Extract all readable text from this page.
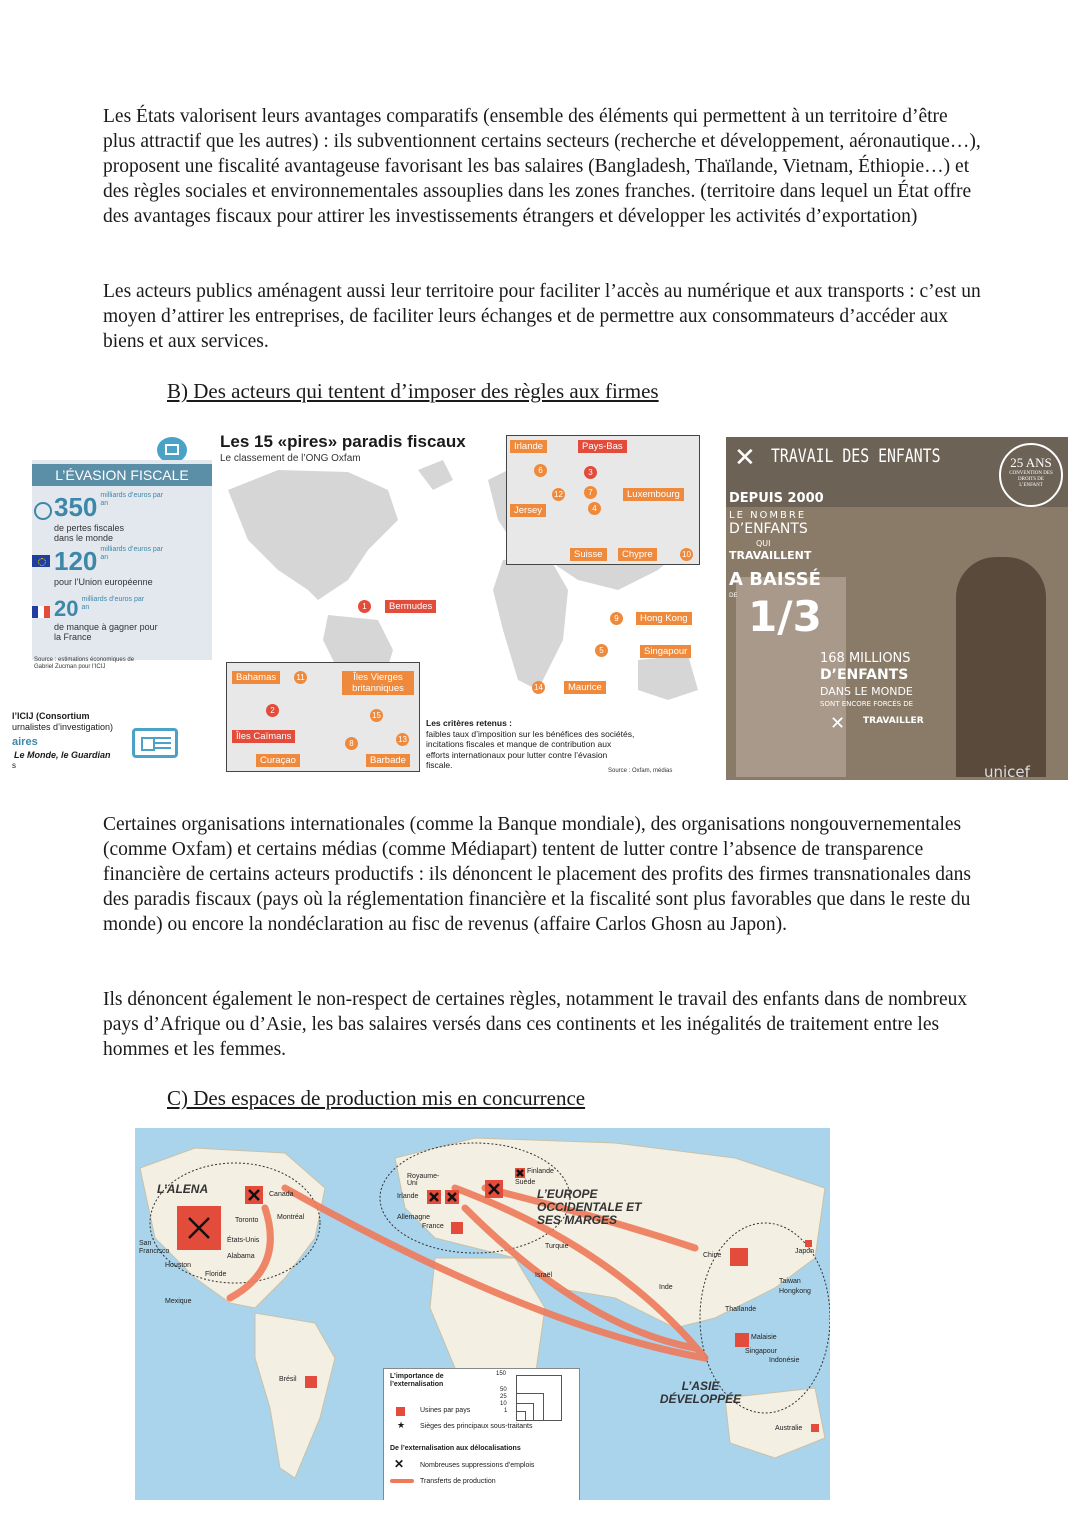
Les États valorisent leurs avantages comparatifs (ensemble des éléments qui permettent à un territoire d’être plus attractif que les autres) : ils subventionnent certains secteurs (recherche et développement, aéronautique…), proposent une fiscalité avantageuse favorisant les bas salaires (Bangladesh, Thaïlande, Vietnam, Éthiopie…) et des règles sociales et environnementales assouplies dans les zones franches. (territoire dans lequel un État offre des avantages fiscaux pour attirer les investissements étrangers et développer les activités d’exportation)

Les acteurs publics aménagent aussi leur territoire pour faciliter l’accès au numérique et aux transports : c’est un moyen d’attirer les entreprises, de faciliter leurs échanges et de permettre aux consommateurs d’accéder aux biens et aux services.

B) Des acteurs qui tentent d’imposer des règles aux firmes
L’ÉVASION FISCALE
350 milliards d’euros par an
de pertes fiscales dans le monde
120 milliards d’euros par an
pour l’Union européenne
20 milliards d’euros par an
de manque à gagner pour la France
Source : estimations économiques de Gabriel Zucman pour l’ICIJ
l’ICIJ (Consortium
urnalistes d’investigation)
aires
Le Monde, le Guardian
s
Les 15 «pires» paradis fiscaux
Le classement de l’ONG Oxfam
Irlande	Pays-Bas
Luxembourg
Jersey
Suisse	Chypre
Bermudes
Hong Kong
Singapour
Bahamas	Îles Vierges britanniques
Îles Caïmans
Maurice
Curaçao	Barbade
1
2
3
4
5
6
7
8
9
10
11
12
13
14
15
Les critères retenus :
faibles taux d’imposition sur les bénéfices des sociétés, incitations fiscales et manque de contribution aux efforts internationaux pour lutter contre l’évasion fiscale.
Source : Oxfam, médias
✕ TRAVAIL DES ENFANTS	25 ANS
CONVENTION DES DROITS DE L’ENFANT
DEPUIS 2000
LE NOMBRE
D’ENFANTS
QUI
TRAVAILLENT
A BAISSÉ
DE 1/3
168 MILLIONS
D’ENFANTS
DANS LE MONDE
SONT ENCORE FORCÉS DE
✕ TRAVAILLER
unicef

Certaines organisations internationales (comme la Banque mondiale), des organisations nongouvernementales (comme Oxfam) et certains médias (comme Médiapart) tentent de lutter contre l’absence de transparence financière de certains acteurs productifs : ils dénoncent le placement des profits des firmes transnationales dans des paradis fiscaux (pays où la réglementation financière et la fiscalité sont plus favorables que dans le reste du monde) ou encore la nondéclaration au fisc de revenus (affaire Carlos Ghosn au Japon).

Ils dénoncent également le non-respect de certaines règles, notamment le travail des enfants dans de nombreux pays d’Afrique ou d’Asie, les bas salaires versés dans ces continents et les inégalités de traitement entre les hommes et les femmes.

C) Des espaces de production mis en concurrence
L’ALENA	L’EUROPE OCCIDENTALE ET SES MARGES
L’ASIE DÉVELOPPÉE
Canada
Toronto	Montréal
États-Unis
San Francisco
Alabama
Houston
Floride
Mexique
Brésil
Royaume-Uni
Irlande
Allemagne
France
Finlande
Suède
Turquie
Israël
Inde
Chine
Japon
Taiwan
Hongkong
Thaïlande
Malaisie
Singapour
Indonésie
Australie
L’importance de l’externalisation
150
50
25
10
1
Usines par pays
★ Sièges des principaux sous-traitants
De l’externalisation aux délocalisations
✕ Nombreuses suppressions d’emplois
Transferts de production
